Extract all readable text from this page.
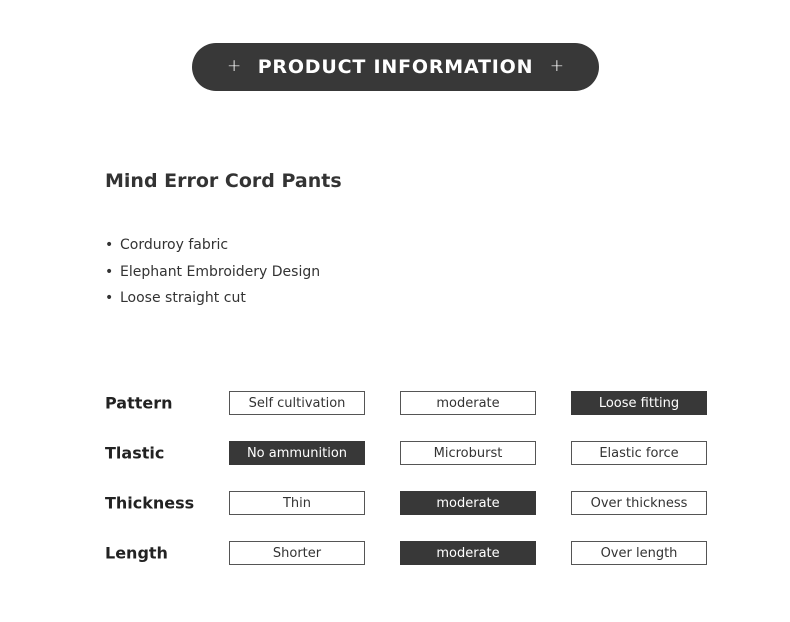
+ PRODUCT INFORMATION +
Mind Error Cord Pants
• Corduroy fabric
• Elephant Embroidery Design
• Loose straight cut
Pattern	Self cultivation	moderate	Loose fitting
Tlastic	No ammunition	Microburst	Elastic force
Thickness	Thin	moderate	Over thickness
Length	Shorter	moderate	Over length
